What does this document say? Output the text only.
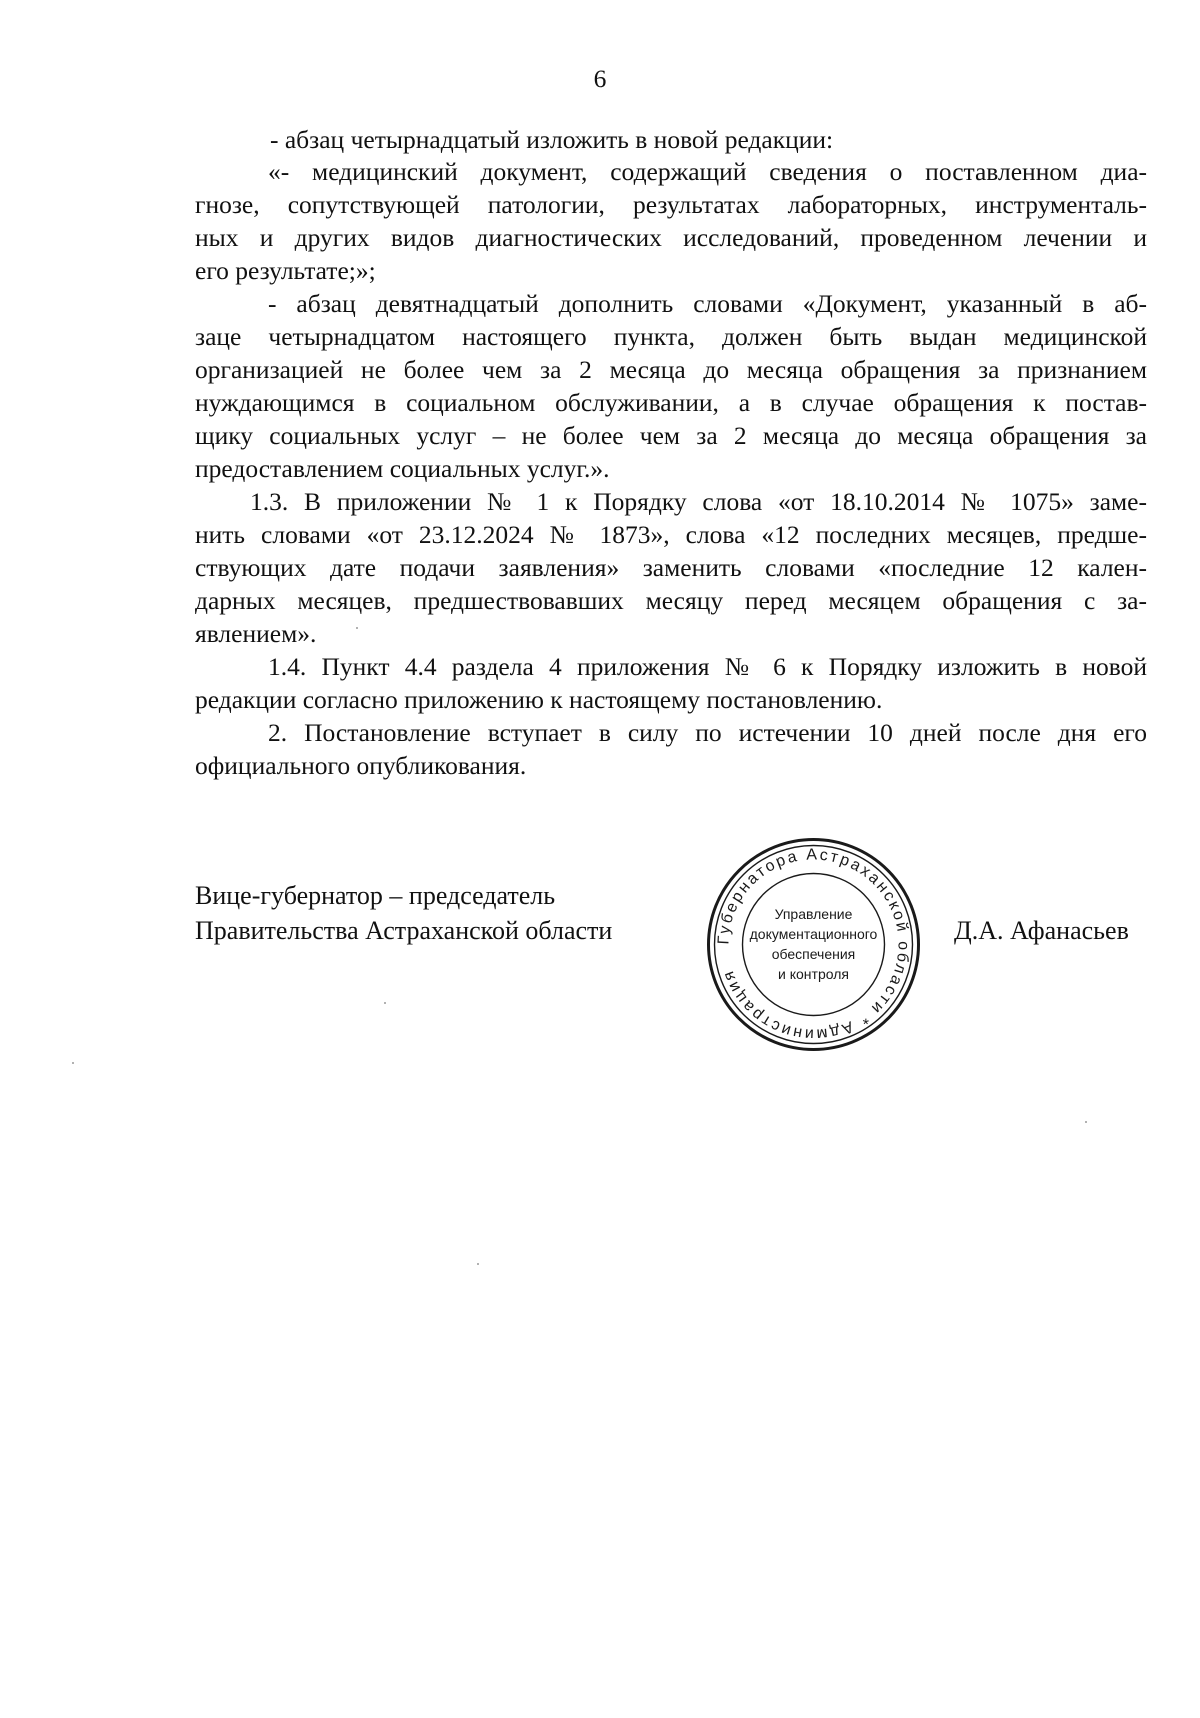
6
- абзац четырнадцатый изложить в новой редакции:
«- медицинский документ, содержащий сведения о поставленном диа-
гнозе, сопутствующей патологии, результатах лабораторных, инструменталь-
ных и других видов диагностических исследований, проведенном лечении и
его результате;»;
- абзац девятнадцатый дополнить словами «Документ, указанный в аб-
заце четырнадцатом настоящего пункта, должен быть выдан медицинской
организацией не более чем за 2 месяца до месяца обращения за признанием
нуждающимся в социальном обслуживании, а в случае обращения к постав-
щику социальных услуг – не более чем за 2 месяца до месяца обращения за
предоставлением социальных услуг.».
1.3. В приложении № 1 к Порядку слова «от 18.10.2014 № 1075» заме-
нить словами «от 23.12.2024 № 1873», слова «12 последних месяцев, предше-
ствующих дате подачи заявления» заменить словами «последние 12 кален-
дарных месяцев, предшествовавших месяцу перед месяцем обращения с за-
явлением».
1.4. Пункт 4.4 раздела 4 приложения № 6 к Порядку изложить в новой
редакции согласно приложению к настоящему постановлению.
2. Постановление вступает в силу по истечении 10 дней после дня его
официального опубликования.
Вице-губернатор – председатель
Правительства Астраханской области	Д.А. Афанасьев
Губернатора Астраханской области * Администрация
Управление
документационного
обеспечения
и контроля
